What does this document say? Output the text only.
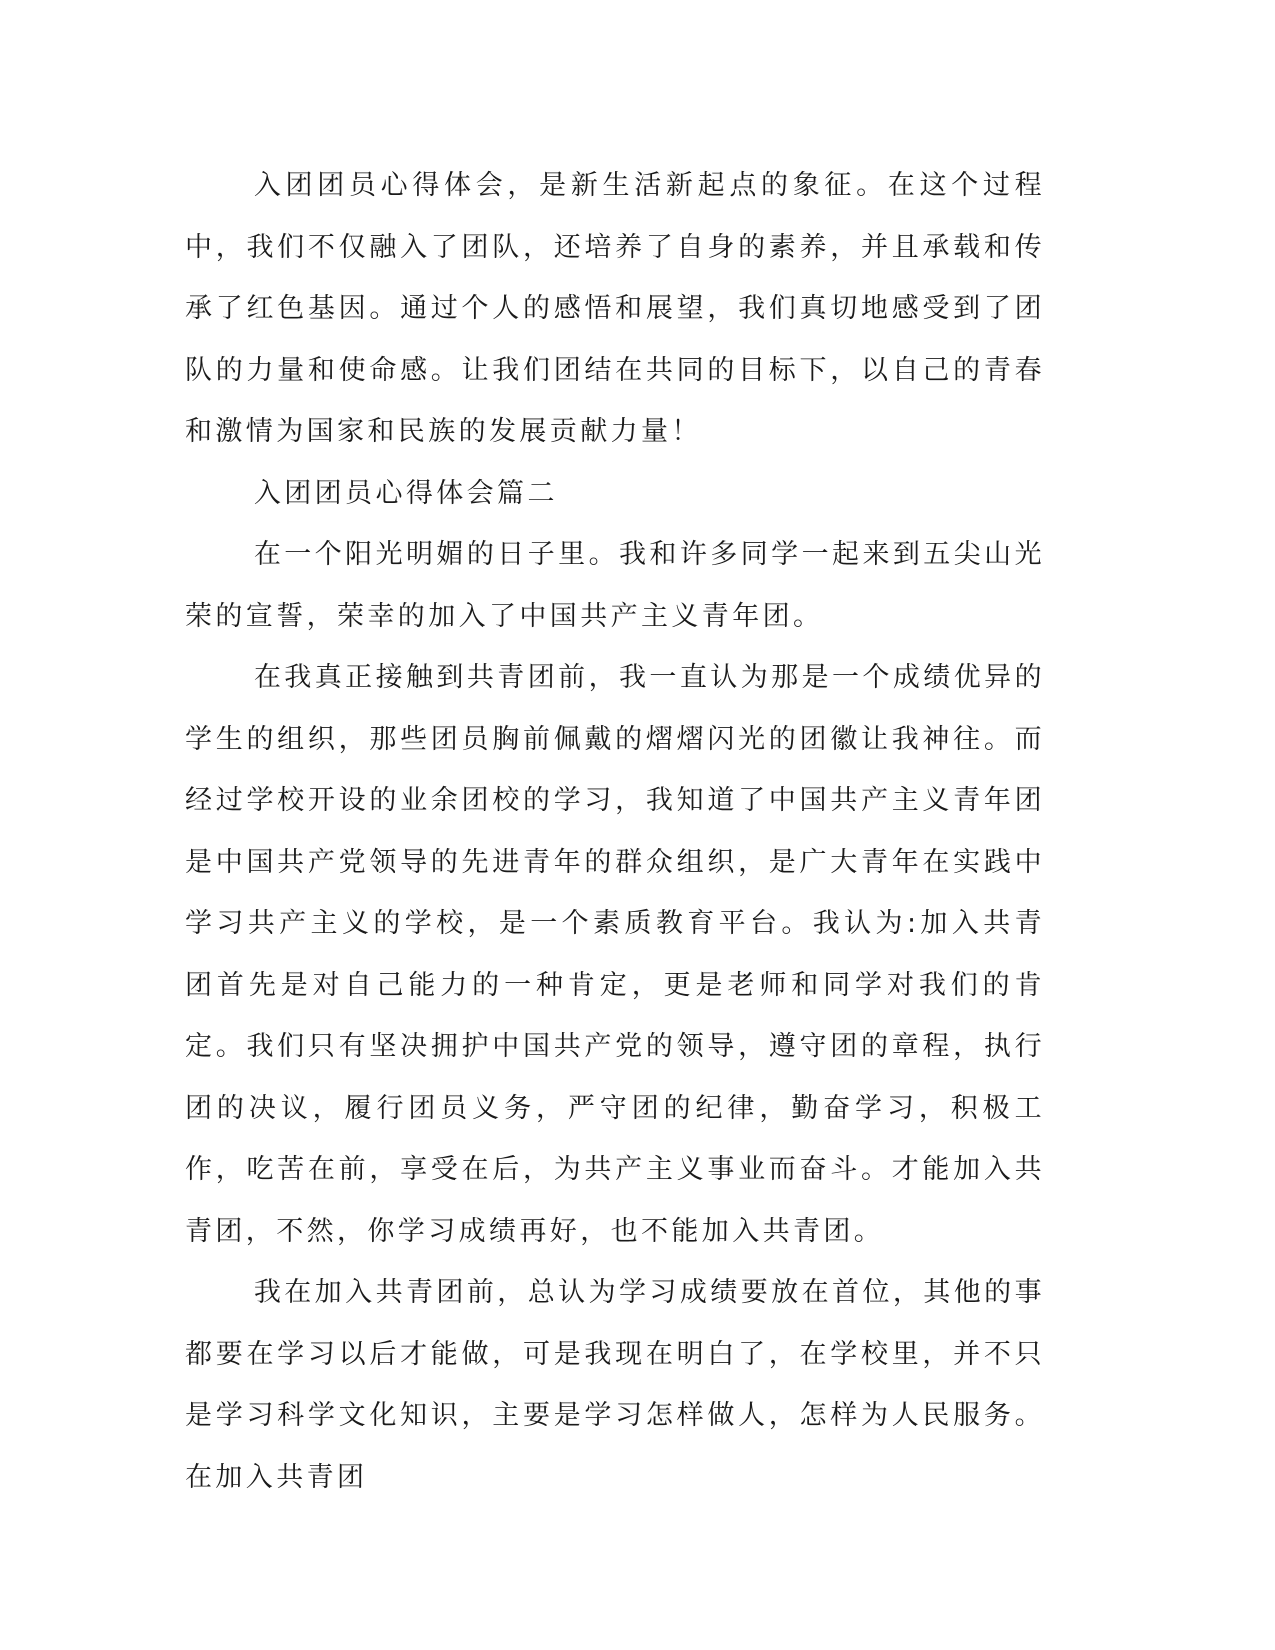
入团团员心得体会，是新生活新起点的象征。在这个过程中，我们不仅融入了团队，还培养了自身的素养，并且承载和传承了红色基因。通过个人的感悟和展望，我们真切地感受到了团队的力量和使命感。让我们团结在共同的目标下，以自己的青春和激情为国家和民族的发展贡献力量！

入团团员心得体会篇二

在一个阳光明媚的日子里。我和许多同学一起来到五尖山光荣的宣誓，荣幸的加入了中国共产主义青年团。

在我真正接触到共青团前，我一直认为那是一个成绩优异的学生的组织，那些团员胸前佩戴的熠熠闪光的团徽让我神往。而经过学校开设的业余团校的学习，我知道了中国共产主义青年团是中国共产党领导的先进青年的群众组织，是广大青年在实践中学习共产主义的学校，是一个素质教育平台。我认为:加入共青团首先是对自己能力的一种肯定，更是老师和同学对我们的肯定。我们只有坚决拥护中国共产党的领导，遵守团的章程，执行团的决议，履行团员义务，严守团的纪律，勤奋学习，积极工作，吃苦在前，享受在后，为共产主义事业而奋斗。才能加入共青团，不然，你学习成绩再好，也不能加入共青团。

我在加入共青团前，总认为学习成绩要放在首位，其他的事都要在学习以后才能做，可是我现在明白了，在学校里，并不只是学习科学文化知识，主要是学习怎样做人，怎样为人民服务。在加入共青团
